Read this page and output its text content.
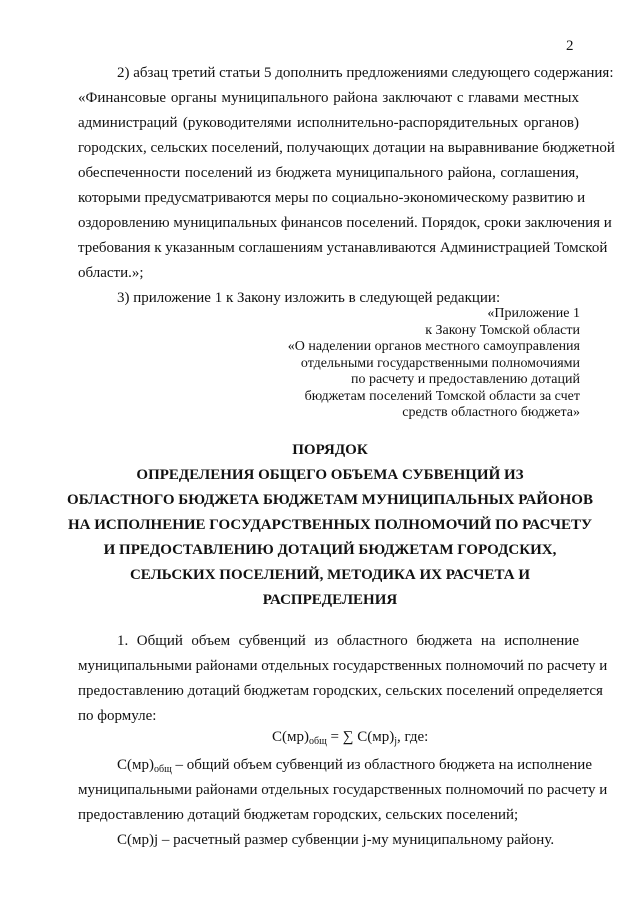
2
2) абзац третий статьи 5 дополнить предложениями следующего содержания:
«Финансовые органы муниципального района заключают с главами местных
администраций (руководителями исполнительно-распорядительных органов)
городских, сельских поселений, получающих дотации на выравнивание бюджетной
обеспеченности поселений из бюджета муниципального района, соглашения,
которыми предусматриваются меры по социально-экономическому развитию и
оздоровлению муниципальных финансов поселений. Порядок, сроки заключения и
требования к указанным соглашениям устанавливаются Администрацией Томской
области.»;
3) приложение 1 к Закону изложить в следующей редакции:
«Приложение 1
к Закону Томской области
«О наделении органов местного самоуправления
отдельными государственными полномочиями
по расчету и предоставлению дотаций
бюджетам поселений Томской области за счет
средств областного бюджета»
ПОРЯДОК
ОПРЕДЕЛЕНИЯ ОБЩЕГО ОБЪЕМА СУБВЕНЦИЙ ИЗ
ОБЛАСТНОГО БЮДЖЕТА БЮДЖЕТАМ МУНИЦИПАЛЬНЫХ РАЙОНОВ
НА ИСПОЛНЕНИЕ ГОСУДАРСТВЕННЫХ ПОЛНОМОЧИЙ ПО РАСЧЕТУ
И ПРЕДОСТАВЛЕНИЮ ДОТАЦИЙ БЮДЖЕТАМ ГОРОДСКИХ,
СЕЛЬСКИХ ПОСЕЛЕНИЙ, МЕТОДИКА ИХ РАСЧЕТА И
РАСПРЕДЕЛЕНИЯ
1. Общий объем субвенций из областного бюджета на исполнение
муниципальными районами отдельных государственных полномочий по расчету и
предоставлению дотаций бюджетам городских, сельских поселений определяется
по формуле:
$С(мр)_{общ}$ = ∑ $С(мр)_j$, где:
$С(мр)_{общ}$ – общий объем субвенций из областного бюджета на исполнение
муниципальными районами отдельных государственных полномочий по расчету и
предоставлению дотаций бюджетам городских, сельских поселений;
С(мр)j – расчетный размер субвенции j-му муниципальному району.
